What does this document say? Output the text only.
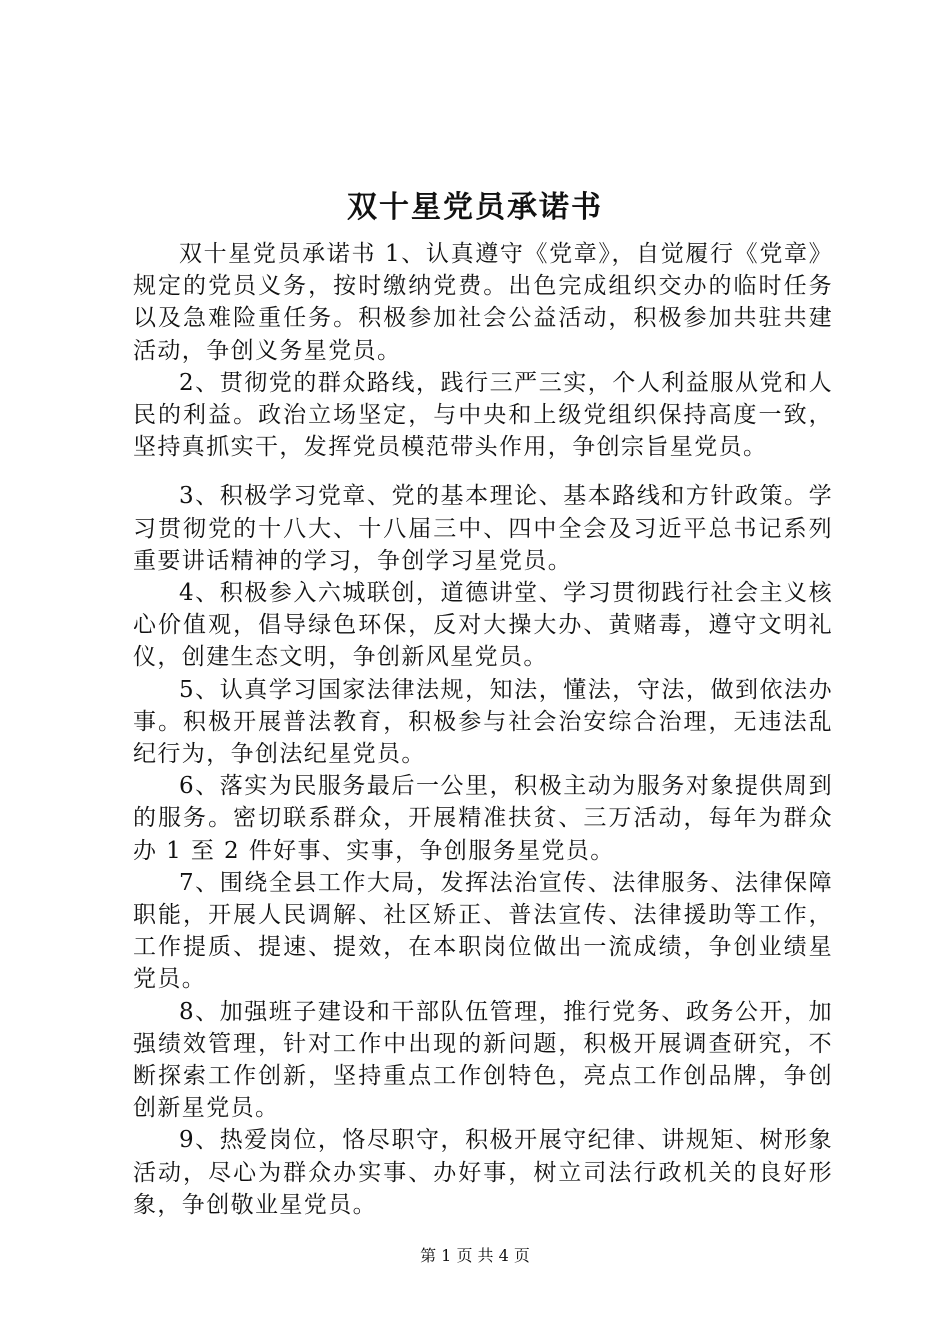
双十星党员承诺书

双十星党员承诺书 1、认真遵守《党章》，自觉履行《党章》规定的党员义务，按时缴纳党费。出色完成组织交办的临时任务以及急难险重任务。积极参加社会公益活动，积极参加共驻共建活动，争创义务星党员。

2、贯彻党的群众路线，践行三严三实，个人利益服从党和人民的利益。政治立场坚定，与中央和上级党组织保持高度一致，坚持真抓实干，发挥党员模范带头作用，争创宗旨星党员。

3、积极学习党章、党的基本理论、基本路线和方针政策。学习贯彻党的十八大、十八届三中、四中全会及习近平总书记系列重要讲话精神的学习，争创学习星党员。

4、积极参入六城联创，道德讲堂、学习贯彻践行社会主义核心价值观，倡导绿色环保，反对大操大办、黄赌毒，遵守文明礼仪，创建生态文明，争创新风星党员。

5、认真学习国家法律法规，知法，懂法，守法，做到依法办事。积极开展普法教育，积极参与社会治安综合治理，无违法乱纪行为，争创法纪星党员。

6、落实为民服务最后一公里，积极主动为服务对象提供周到的服务。密切联系群众，开展精准扶贫、三万活动，每年为群众办 1 至 2 件好事、实事，争创服务星党员。

7、围绕全县工作大局，发挥法治宣传、法律服务、法律保障职能，开展人民调解、社区矫正、普法宣传、法律援助等工作，工作提质、提速、提效，在本职岗位做出一流成绩，争创业绩星党员。

8、加强班子建设和干部队伍管理，推行党务、政务公开，加强绩效管理，针对工作中出现的新问题，积极开展调查研究，不断探索工作创新，坚持重点工作创特色，亮点工作创品牌，争创创新星党员。

9、热爱岗位，恪尽职守，积极开展守纪律、讲规矩、树形象活动，尽心为群众办实事、办好事，树立司法行政机关的良好形象，争创敬业星党员。

第 1 页 共 4 页
